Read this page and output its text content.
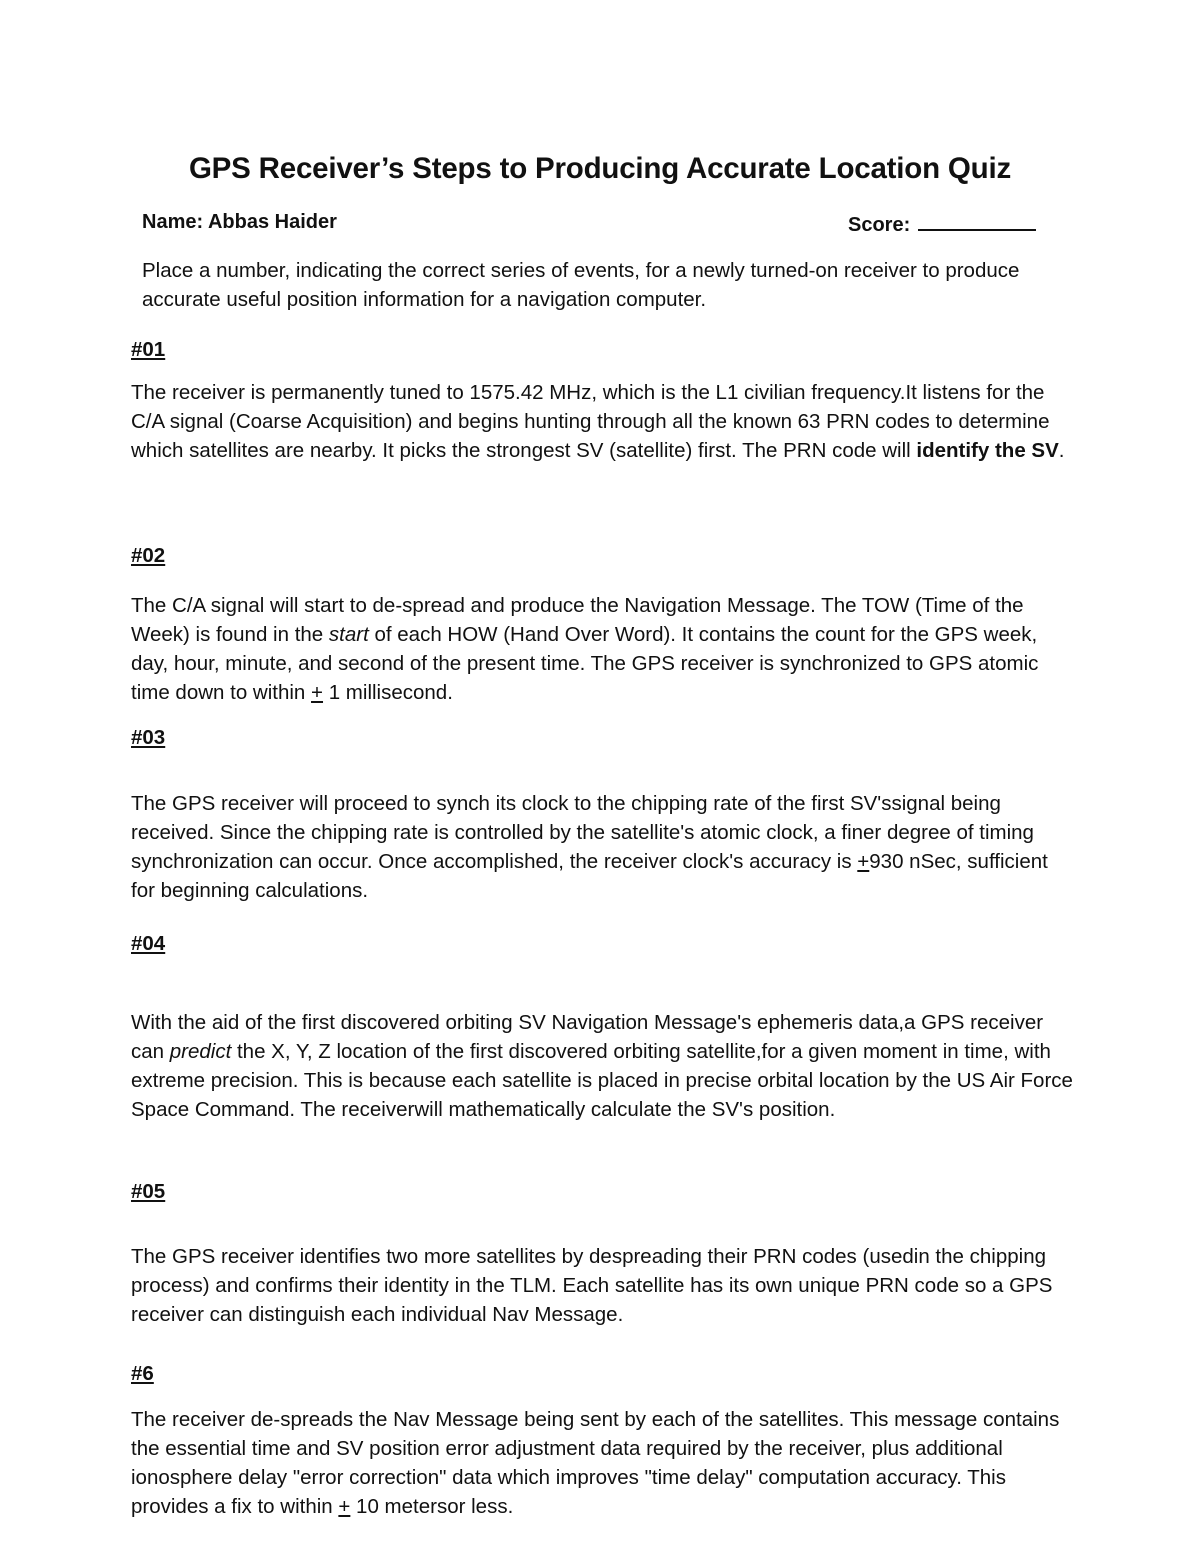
GPS Receiver’s Steps to Producing Accurate Location Quiz
Name: Abbas Haider	Score:
Place a number, indicating the correct series of events, for a newly turned-on receiver to produce accurate useful position information for a navigation computer.
#01
The receiver is permanently tuned to 1575.42 MHz, which is the L1 civilian frequency.It listens for the C/A signal (Coarse Acquisition) and begins hunting through all the known 63 PRN codes to determine which satellites are nearby. It picks the strongest SV (satellite) first. The PRN code will identify the SV.
#02
The C/A signal will start to de-spread and produce the Navigation Message. The TOW (Time of the Week) is found in the start of each HOW (Hand Over Word). It contains the count for the GPS week, day, hour, minute, and second of the present time. The GPS receiver is synchronized to GPS atomic time down to within + 1 millisecond.
#03
The GPS receiver will proceed to synch its clock to the chipping rate of the first SV'ssignal being received. Since the chipping rate is controlled by the satellite's atomic clock, a finer degree of timing synchronization can occur. Once accomplished, the receiver clock's accuracy is +930 nSec, sufficient for beginning calculations.
#04
With the aid of the first discovered orbiting SV Navigation Message's ephemeris data,a GPS receiver can predict the X, Y, Z location of the first discovered orbiting satellite,for a given moment in time, with extreme precision. This is because each satellite is placed in precise orbital location by the US Air Force Space Command. The receiverwill mathematically calculate the SV's position.
#05
The GPS receiver identifies two more satellites by despreading their PRN codes (usedin the chipping process) and confirms their identity in the TLM. Each satellite has its own unique PRN code so a GPS receiver can distinguish each individual Nav Message.
#6
The receiver de-spreads the Nav Message being sent by each of the satellites. This message contains the essential time and SV position error adjustment data required by the receiver, plus additional ionosphere delay "error correction" data which improves "time delay" computation accuracy. This provides a fix to within + 10 metersor less.
